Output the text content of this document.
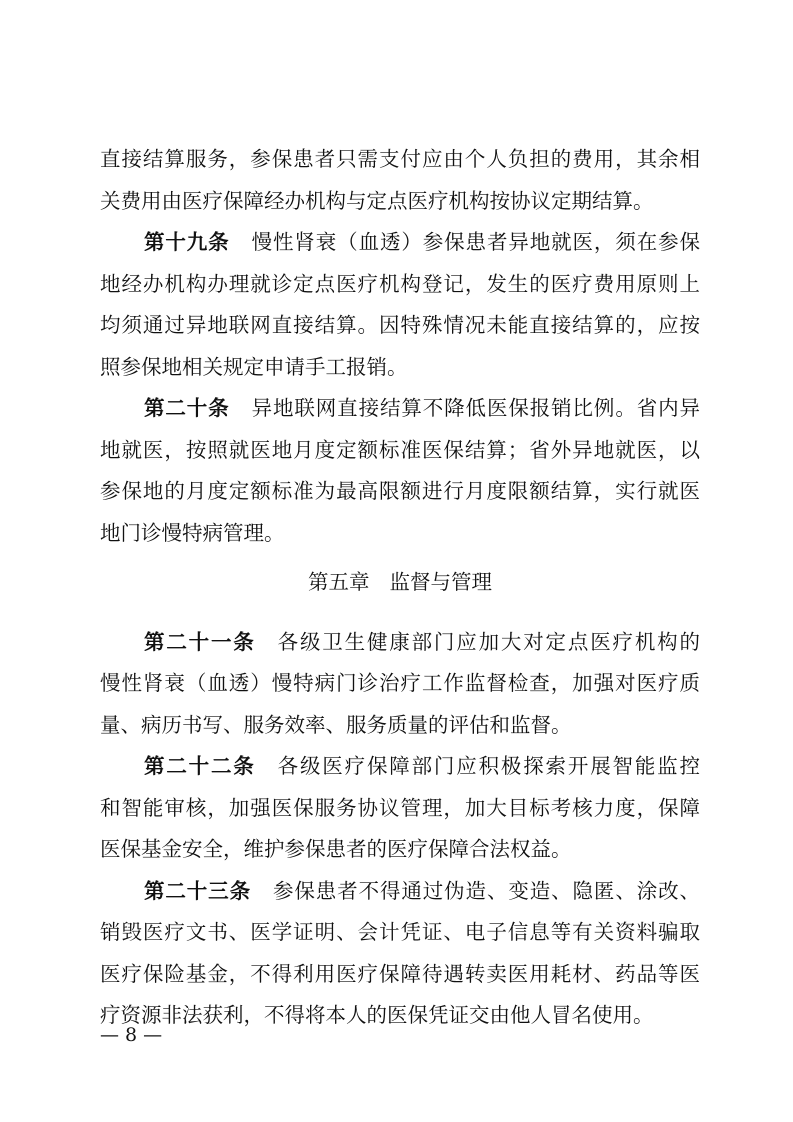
直接结算服务，参保患者只需支付应由个人负担的费用，其余相
关费用由医疗保障经办机构与定点医疗机构按协议定期结算。
第十九条 慢性肾衰（血透）参保患者异地就医，须在参保
地经办机构办理就诊定点医疗机构登记，发生的医疗费用原则上
均须通过异地联网直接结算。因特殊情况未能直接结算的，应按
照参保地相关规定申请手工报销。
第二十条 异地联网直接结算不降低医保报销比例。省内异
地就医，按照就医地月度定额标准医保结算；省外异地就医，以
参保地的月度定额标准为最高限额进行月度限额结算，实行就医
地门诊慢特病管理。
第五章 监督与管理
第二十一条 各级卫生健康部门应加大对定点医疗机构的
慢性肾衰（血透）慢特病门诊治疗工作监督检查，加强对医疗质
量、病历书写、服务效率、服务质量的评估和监督。
第二十二条 各级医疗保障部门应积极探索开展智能监控
和智能审核，加强医保服务协议管理，加大目标考核力度，保障
医保基金安全，维护参保患者的医疗保障合法权益。
第二十三条 参保患者不得通过伪造、变造、隐匿、涂改、
销毁医疗文书、医学证明、会计凭证、电子信息等有关资料骗取
医疗保险基金，不得利用医疗保障待遇转卖医用耗材、药品等医
疗资源非法获利，不得将本人的医保凭证交由他人冒名使用。
— 8 —
